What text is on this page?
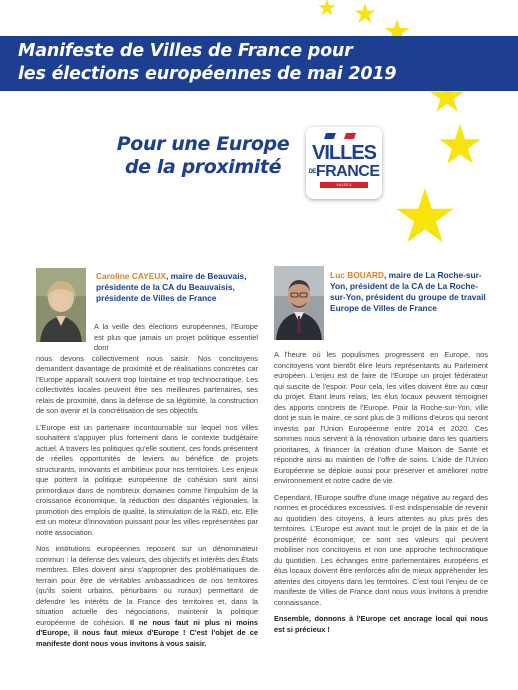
Manifeste de Villes de France pour
les élections européennes de mai 2019
Pour une Europe
de la proximité
VILLES
$^{DE}$FRANCE
VILLES & AGGLOMÉRATIONS
Caroline CAYEUX, maire de Beauvais, présidente de la CA du Beauvaisis, présidente de Villes de France

A la veille des élections européennes, l'Europe est plus que jamais un projet politique essentiel dont

nous devons collectivement nous saisir. Nos concitoyens demandent davantage de proximité et de réalisations concrètes car l'Europe apparaît souvent trop lointaine et trop technocratique. Les collectivités locales peuvent être ses meilleures partenaires, ses relais de proximité, dans la défense de sa légitimité, la construction de son avenir et la concrétisation de ses objectifs.

L'Europe est un partenaire incontournable sur lequel nos villes souhaitent s'appuyer plus fortement dans le contexte budgétaire actuel. A travers les politiques qu'elle soutient, ces fonds présentent de réelles opportunités de leviers au bénéfice de projets structurants, innovants et ambitieux pour nos territoires. Les enjeux que portent la politique européenne de cohésion sont ainsi primordiaux dans de nombreux domaines comme l'impulsion de la croissance économique, la réduction des disparités régionales, la promotion des emplois de qualité, la stimulation de la R&D, etc. Elle est un moteur d'innovation puissant pour les villes représentées par notre association.

Nos institutions européennes reposent sur un dénominateur commun : la défense des valeurs, des objectifs et intérêts des États membres. Elles doivent ainsi s'approprier des problématiques de terrain pour être de véritables ambassadrices de nos territoires (qu'ils soient urbains, périurbains ou ruraux) permettant de défendre les intérêts de la France des territoires et, dans la situation actuelle des négociations, maintenir la politique européenne de cohésion. Il ne nous faut ni plus ni moins d'Europe, il nous faut mieux d'Europe ! C'est l'objet de ce manifeste dont nous vous invitons à vous saisir.

Luc BOUARD, maire de La Roche-sur-Yon, président de la CA de La Roche-sur-Yon, président du groupe de travail Europe de Villes de France

A l'heure où les populismes progressent en Europe, nos concitoyens vont bientôt élire leurs représentants au Parlement européen. L'enjeu est de faire de l'Europe un projet fédérateur qui suscite de l'espoir. Pour cela, les villes doivent être au cœur du projet. Étant leurs relais, les élus locaux peuvent témoigner des apports concrets de l'Europe. Pour la Roche-sur-Yon, ville dont je suis le maire, ce sont plus de 3 millions d'euros qui seront investis par l'Union Européenne entre 2014 et 2020. Ces sommes nous servent à la rénovation urbaine dans les quartiers prioritaires, à financer la création d'une Maison de Santé et répondre ainsi au maintien de l'offre de soins. L'aide de l'Union Européenne se déploie aussi pour préserver et améliorer notre environnement et notre cadre de vie.

Cependant, l'Europe souffre d'une image négative au regard des normes et procédures excessives. Il est indispensable de revenir au quotidien des citoyens, à leurs attentes au plus près des territoires. L'Europe est avant tout le projet de la paix et de la prospérité économique, ce sont ses valeurs qui peuvent mobiliser nos concitoyens et non une approche technocratique du quotidien. Les échanges entre parlementaires européens et élus locaux doivent être renforcés afin de mieux appréhender les attentes des citoyens dans les territoires. C'est tout l'enjeu de ce manifeste de Villes de France dont nous vous invitons à prendre connaissance.

Ensemble, donnons à l'Europe cet ancrage local qui nous est si précieux !
